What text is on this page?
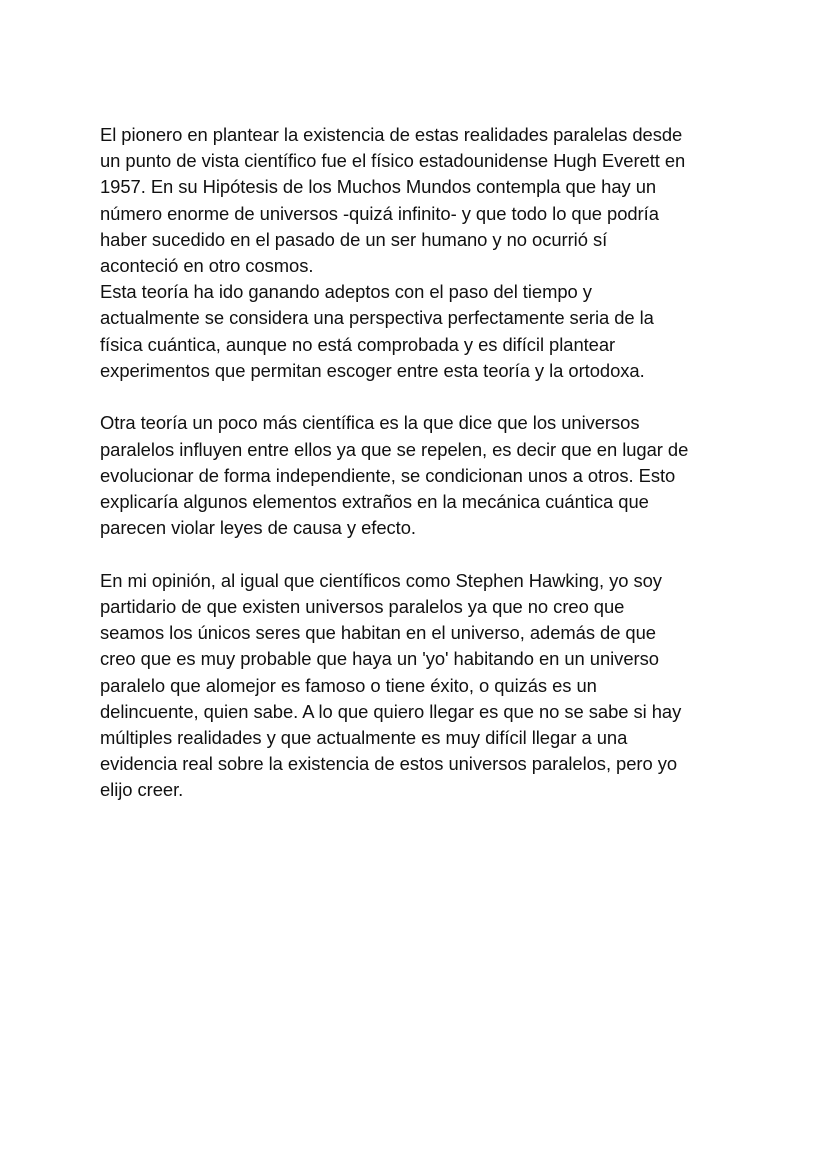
El pionero en plantear la existencia de estas realidades paralelas desde
un punto de vista científico fue el físico estadounidense Hugh Everett en
1957. En su Hipótesis de los Muchos Mundos contempla que hay un
número enorme de universos -quizá infinito- y que todo lo que podría
haber sucedido en el pasado de un ser humano y no ocurrió sí
aconteció en otro cosmos.
Esta teoría ha ido ganando adeptos con el paso del tiempo y
actualmente se considera una perspectiva perfectamente seria de la
física cuántica, aunque no está comprobada y es difícil plantear
experimentos que permitan escoger entre esta teoría y la ortodoxa.
Otra teoría un poco más científica es la que dice que los universos
paralelos influyen entre ellos ya que se repelen, es decir que en lugar de
evolucionar de forma independiente, se condicionan unos a otros. Esto
explicaría algunos elementos extraños en la mecánica cuántica que
parecen violar leyes de causa y efecto.
En mi opinión, al igual que científicos como Stephen Hawking, yo soy
partidario de que existen universos paralelos ya que no creo que
seamos los únicos seres que habitan en el universo, además de que
creo que es muy probable que haya un 'yo' habitando en un universo
paralelo que alomejor es famoso o tiene éxito, o quizás es un
delincuente, quien sabe. A lo que quiero llegar es que no se sabe si hay
múltiples realidades y que actualmente es muy difícil llegar a una
evidencia real sobre la existencia de estos universos paralelos, pero yo
elijo creer.
